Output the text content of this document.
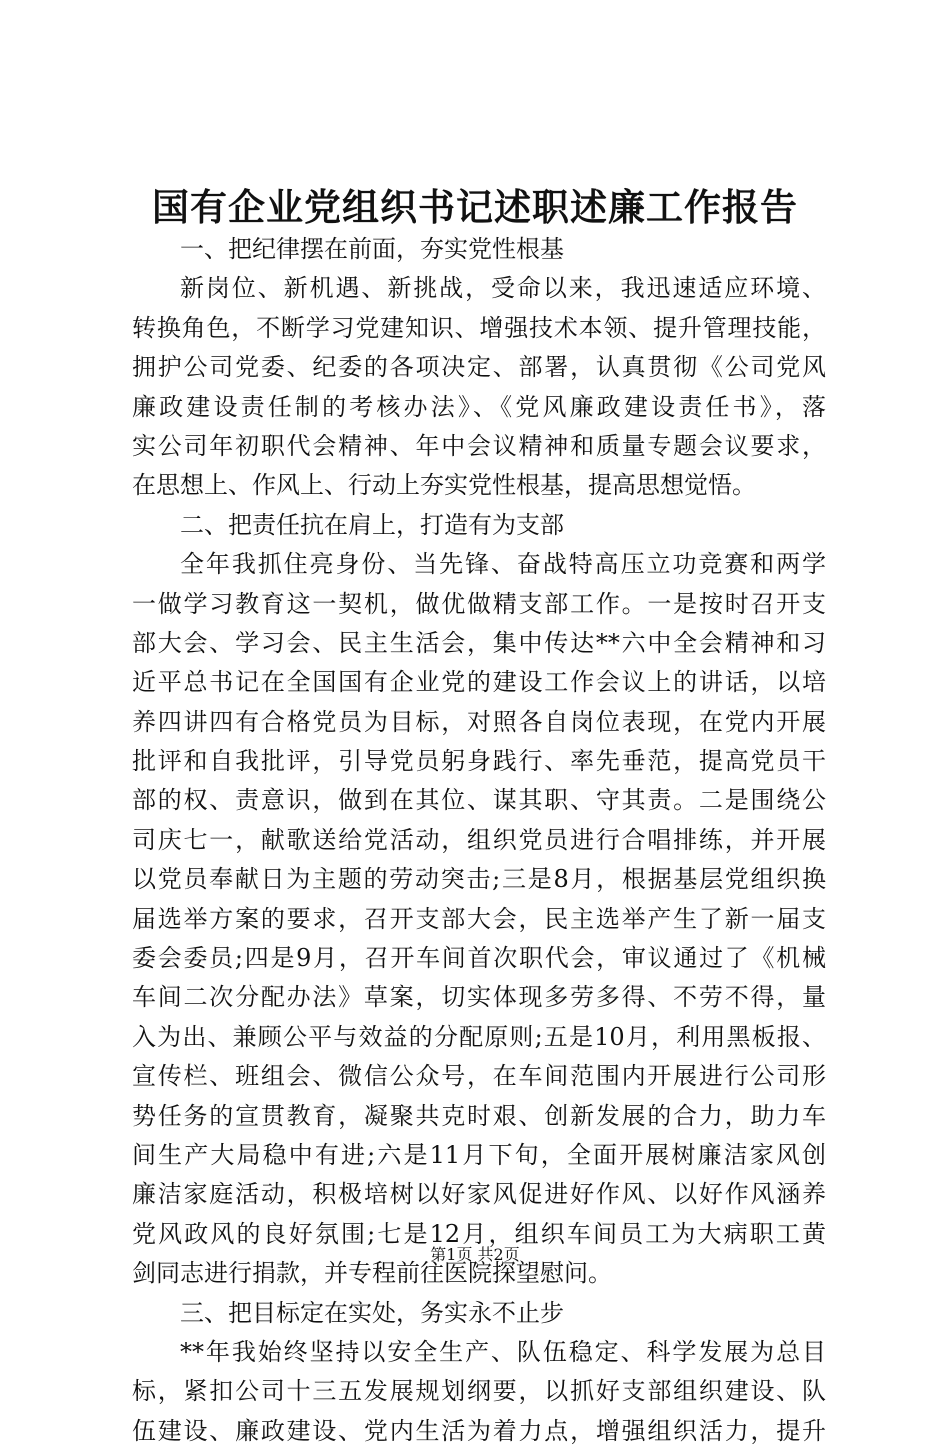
国有企业党组织书记述职述廉工作报告
一、把纪律摆在前面，夯实党性根基
新岗位、新机遇、新挑战，受命以来，我迅速适应环境、
转换角色，不断学习党建知识、增强技术本领、提升管理技能，
拥护公司党委、纪委的各项决定、部署，认真贯彻《公司党风
廉政建设责任制的考核办法》、《党风廉政建设责任书》，落
实公司年初职代会精神、年中会议精神和质量专题会议要求，
在思想上、作风上、行动上夯实党性根基，提高思想觉悟。
二、把责任抗在肩上，打造有为支部
全年我抓住亮身份、当先锋、奋战特高压立功竞赛和两学
一做学习教育这一契机，做优做精支部工作。一是按时召开支
部大会、学习会、民主生活会，集中传达**六中全会精神和习
近平总书记在全国国有企业党的建设工作会议上的讲话，以培
养四讲四有合格党员为目标，对照各自岗位表现，在党内开展
批评和自我批评，引导党员躬身践行、率先垂范，提高党员干
部的权、责意识，做到在其位、谋其职、守其责。二是围绕公
司庆七一，献歌送给党活动，组织党员进行合唱排练，并开展
以党员奉献日为主题的劳动突击;三是8月，根据基层党组织换
届选举方案的要求，召开支部大会，民主选举产生了新一届支
委会委员;四是9月，召开车间首次职代会，审议通过了《机械
车间二次分配办法》草案，切实体现多劳多得、不劳不得，量
入为出、兼顾公平与效益的分配原则;五是10月，利用黑板报、
宣传栏、班组会、微信公众号，在车间范围内开展进行公司形
势任务的宣贯教育，凝聚共克时艰、创新发展的合力，助力车
间生产大局稳中有进;六是11月下旬，全面开展树廉洁家风创
廉洁家庭活动，积极培树以好家风促进好作风、以好作风涵养
党风政风的良好氛围;七是12月，组织车间员工为大病职工黄
剑同志进行捐款，并专程前往医院探望慰问。
三、把目标定在实处，务实永不止步
**年我始终坚持以安全生产、队伍稳定、科学发展为总目
标，紧扣公司十三五发展规划纲要，以抓好支部组织建设、队
伍建设、廉政建设、党内生活为着力点，增强组织活力，提升
第1页 共2页
